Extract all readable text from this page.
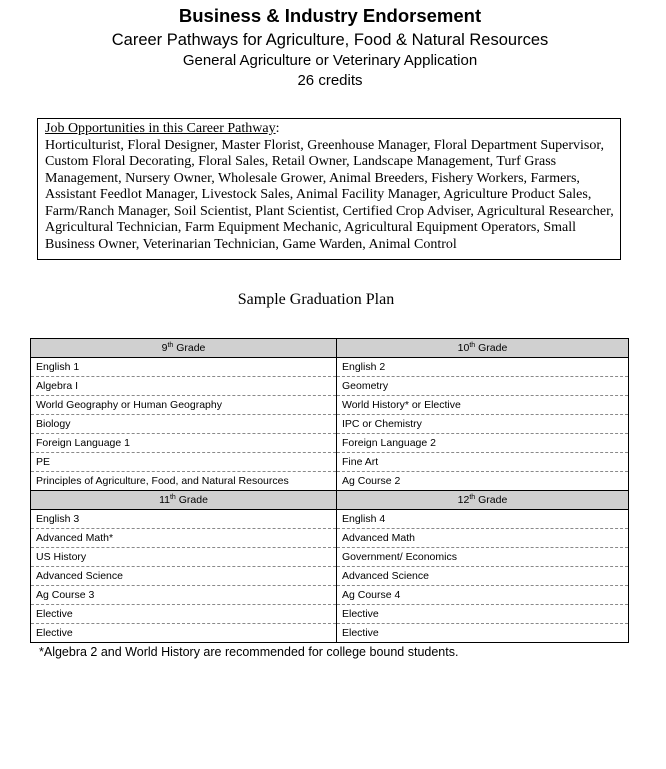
Business & Industry Endorsement
Career Pathways for Agriculture, Food & Natural Resources
General Agriculture or Veterinary Application
26 credits
Job Opportunities in this Career Pathway:
Horticulturist, Floral Designer, Master Florist, Greenhouse Manager, Floral Department Supervisor, Custom Floral Decorating, Floral Sales, Retail Owner, Landscape Management, Turf Grass Management, Nursery Owner, Wholesale Grower, Animal Breeders, Fishery Workers, Farmers, Assistant Feedlot Manager, Livestock Sales, Animal Facility Manager, Agriculture Product Sales, Farm/Ranch Manager, Soil Scientist, Plant Scientist, Certified Crop Adviser, Agricultural Researcher, Agricultural Technician, Farm Equipment Mechanic, Agricultural Equipment Operators, Small Business Owner, Veterinarian Technician, Game Warden, Animal Control
Sample Graduation Plan
9th Grade	10th Grade
English 1	English 2
Algebra I	Geometry
World Geography or Human Geography	World History* or Elective
Biology	IPC or Chemistry
Foreign Language 1	Foreign Language 2
PE	Fine Art
Principles of Agriculture, Food, and Natural Resources	Ag Course 2
11th Grade	12th Grade
English 3	English 4
Advanced Math*	Advanced Math
US History	Government/ Economics
Advanced Science	Advanced Science
Ag Course 3	Ag Course 4
Elective	Elective
Elective	Elective
*Algebra 2 and World History are recommended for college bound students.
